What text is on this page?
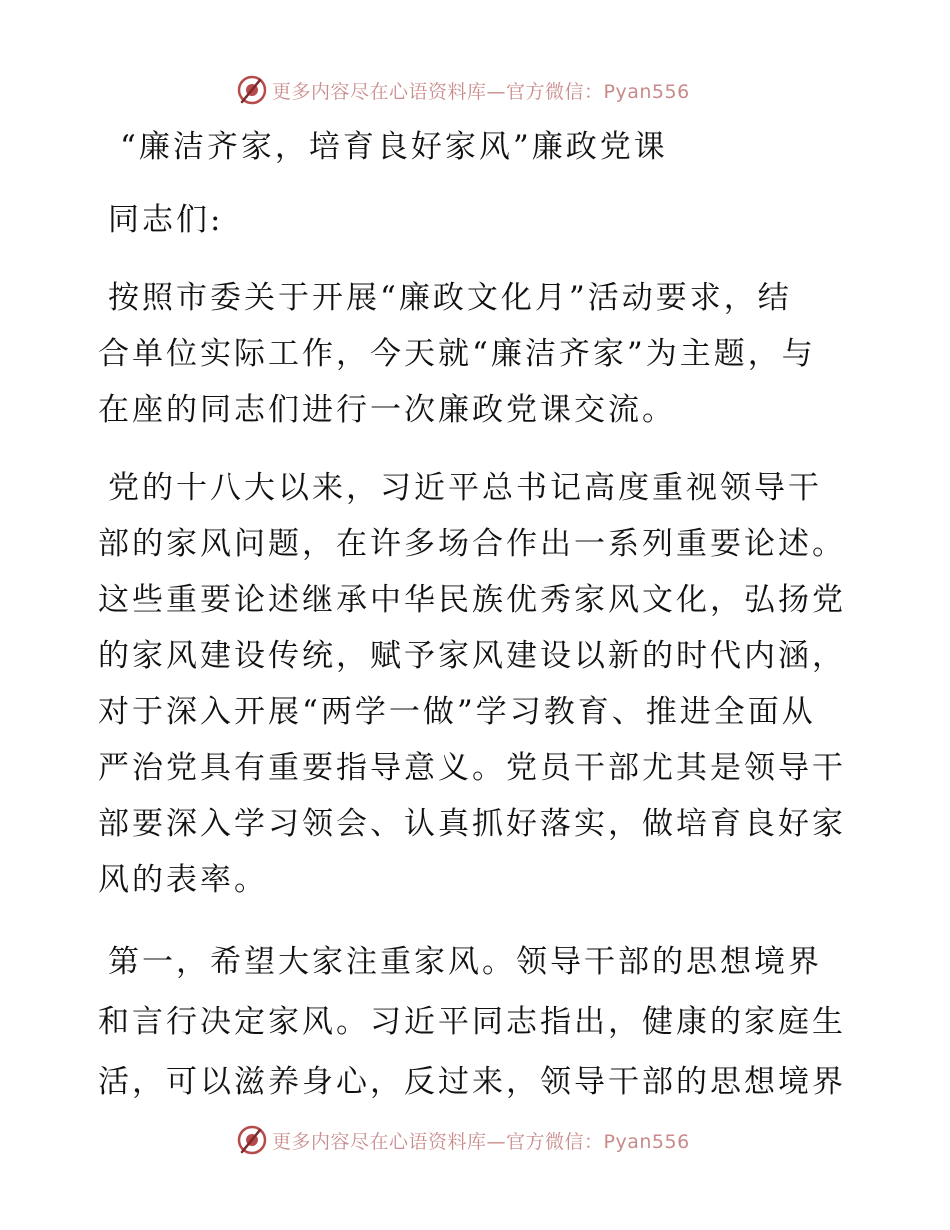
更多内容尽在心语资料库—官方微信：Pyan556
“廉洁齐家，培育良好家风”廉政党课
同志们:
按照市委关于开展“廉政文化月”活动要求，结
合单位实际工作，今天就“廉洁齐家”为主题，与
在座的同志们进行一次廉政党课交流。
党的十八大以来，习近平总书记高度重视领导干
部的家风问题，在许多场合作出一系列重要论述。
这些重要论述继承中华民族优秀家风文化，弘扬党
的家风建设传统，赋予家风建设以新的时代内涵，
对于深入开展“两学一做”学习教育、推进全面从
严治党具有重要指导意义。党员干部尤其是领导干
部要深入学习领会、认真抓好落实，做培育良好家
风的表率。
第一，希望大家注重家风。领导干部的思想境界
和言行决定家风。习近平同志指出，健康的家庭生
活，可以滋养身心，反过来，领导干部的思想境界
更多内容尽在心语资料库—官方微信：Pyan556
